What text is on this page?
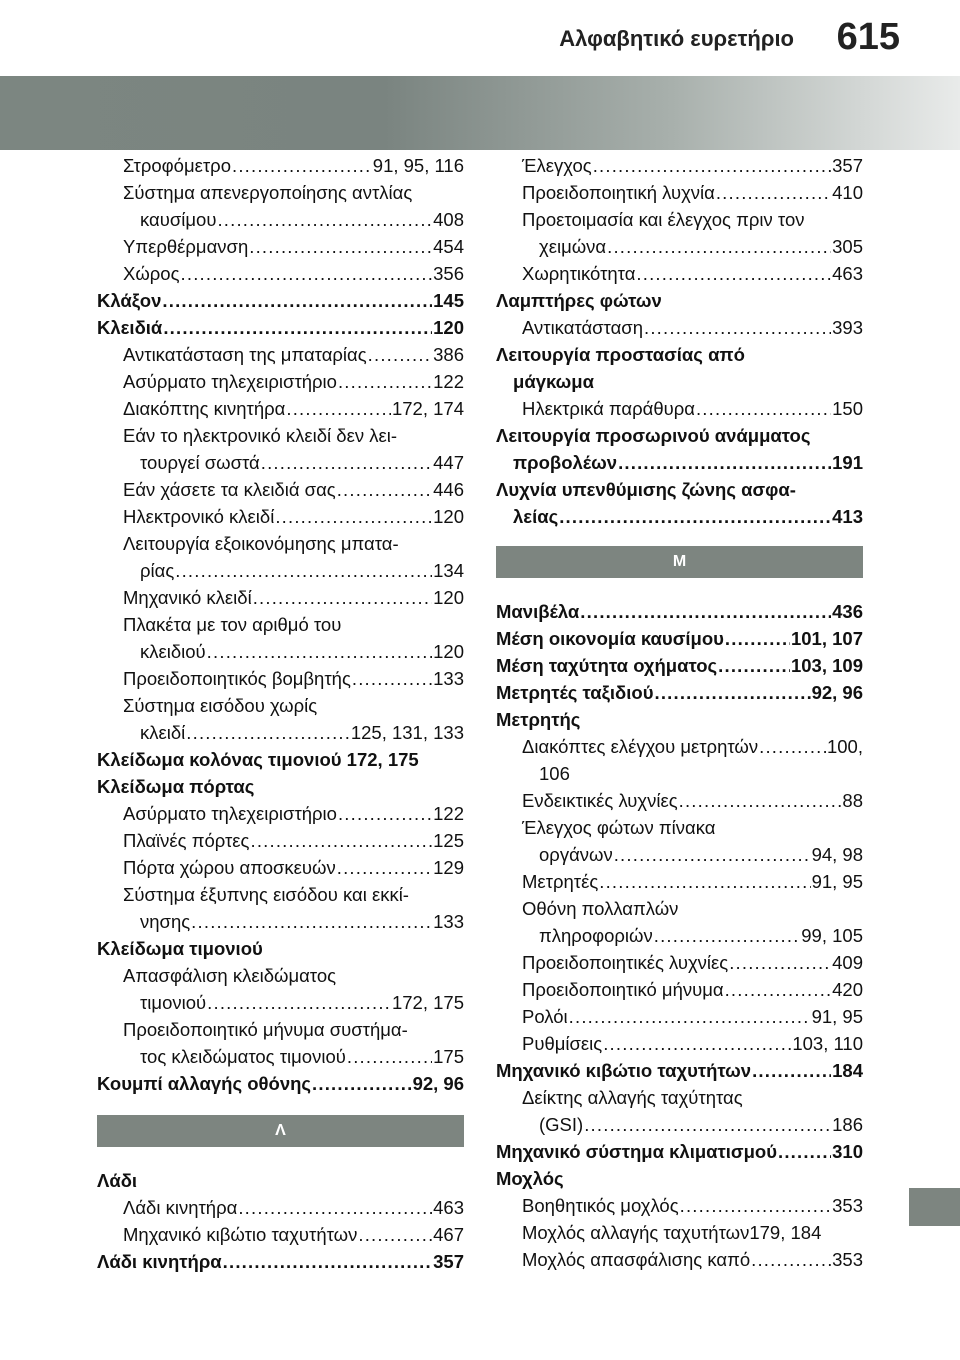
Αλφαβητικό ευρετήριο 615
Στροφόμετρο .....	91, 95, 116
Σύστημα απενεργοποίησης αντλίας
καυσίμου .....	408
Υπερθέρμανση .....	454
Χώρος .....	356
Κλάξον .....	145
Κλειδιά .....	120
Αντικατάσταση της μπαταρίας .....	386
Ασύρματο τηλεχειριστήριο .....	122
Διακόπτης κινητήρα .....	172, 174
Εάν το ηλεκτρονικό κλειδί δεν λει-
τουργεί σωστά .....	447
Εάν χάσετε τα κλειδιά σας .....	446
Ηλεκτρονικό κλειδί .....	120
Λειτουργία εξοικονόμησης μπατα-
ρίας .....	134
Μηχανικό κλειδί .....	120
Πλακέτα με τον αριθμό του
κλειδιού .....	120
Προειδοποιητικός βομβητής .....	133
Σύστημα εισόδου χωρίς
κλειδί .....	125, 131, 133
Κλείδωμα κολόνας τιμονιού 172, 175
Κλείδωμα πόρτας
Ασύρματο τηλεχειριστήριο .....	122
Πλαϊνές πόρτες .....	125
Πόρτα χώρου αποσκευών .....	129
Σύστημα έξυπνης εισόδου και εκκί-
νησης .....	133
Κλείδωμα τιμονιού
Απασφάλιση κλειδώματος
τιμονιού .....	172, 175
Προειδοποιητικό μήνυμα συστήμα-
τος κλειδώματος τιμονιού .....	175
Κουμπί αλλαγής οθόνης .....	92, 96
Λ
Λάδι
Λάδι κινητήρα .....	463
Μηχανικό κιβώτιο ταχυτήτων .....	467
Λάδι κινητήρα .....	357
Έλεγχος .....	357
Προειδοποιητική λυχνία .....	410
Προετοιμασία και έλεγχος πριν τον
χειμώνα .....	305
Χωρητικότητα .....	463
Λαμπτήρες φώτων
Αντικατάσταση .....	393
Λειτουργία προστασίας από
μάγκωμα
Ηλεκτρικά παράθυρα .....	150
Λειτουργία προσωρινού ανάμματος
προβολέων .....	191
Λυχνία υπενθύμισης ζώνης ασφα-
λείας .....	413
Μ
Μανιβέλα .....	436
Μέση οικονομία καυσίμου .....	101, 107
Μέση ταχύτητα οχήματος .....	103, 109
Μετρητές ταξιδιού .....	92, 96
Μετρητής
Διακόπτες ελέγχου μετρητών .....	100,
106
Ενδεικτικές λυχνίες .....	88
Έλεγχος φώτων πίνακα
οργάνων .....	94, 98
Μετρητές .....	91, 95
Οθόνη πολλαπλών
πληροφοριών .....	99, 105
Προειδοποιητικές λυχνίες .....	409
Προειδοποιητικό μήνυμα .....	420
Ρολόι .....	91, 95
Ρυθμίσεις .....	103, 110
Μηχανικό κιβώτιο ταχυτήτων .....	184
Δείκτης αλλαγής ταχύτητας
(GSI) .....	186
Μηχανικό σύστημα κλιματισμού .....	310
Μοχλός
Βοηθητικός μοχλός .....	353
Μοχλός αλλαγής ταχυτήτων 179, 184
Μοχλός απασφάλισης καπό .....	353
